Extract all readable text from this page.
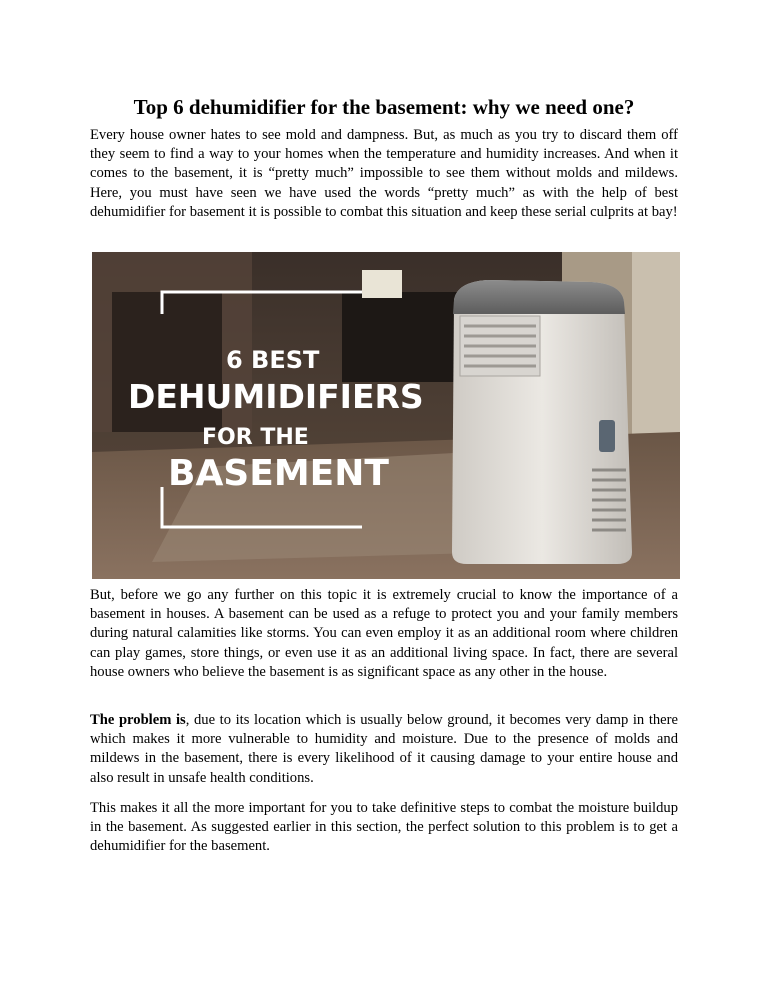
Top 6 dehumidifier for the basement: why we need one?

Every house owner hates to see mold and dampness. But, as much as you try to discard them off they seem to find a way to your homes when the temperature and humidity increases. And when it comes to the basement, it is “pretty much” impossible to see them without molds and mildews. Here, you must have seen we have used the words “pretty much” as with the help of best dehumidifier for basement it is possible to combat this situation and keep these serial culprits at bay!

6 BEST
DEHUMIDIFIERS
FOR THE
BASEMENT

But, before we go any further on this topic it is extremely crucial to know the importance of a basement in houses. A basement can be used as a refuge to protect you and your family members during natural calamities like storms. You can even employ it as an additional room where children can play games, store things, or even use it as an additional living space. In fact, there are several house owners who believe the basement is as significant space as any other in the house.

The problem is, due to its location which is usually below ground, it becomes very damp in there which makes it more vulnerable to humidity and moisture. Due to the presence of molds and mildews in the basement, there is every likelihood of it causing damage to your entire house and also result in unsafe health conditions.

This makes it all the more important for you to take definitive steps to combat the moisture buildup in the basement. As suggested earlier in this section, the perfect solution to this problem is to get a dehumidifier for the basement.
